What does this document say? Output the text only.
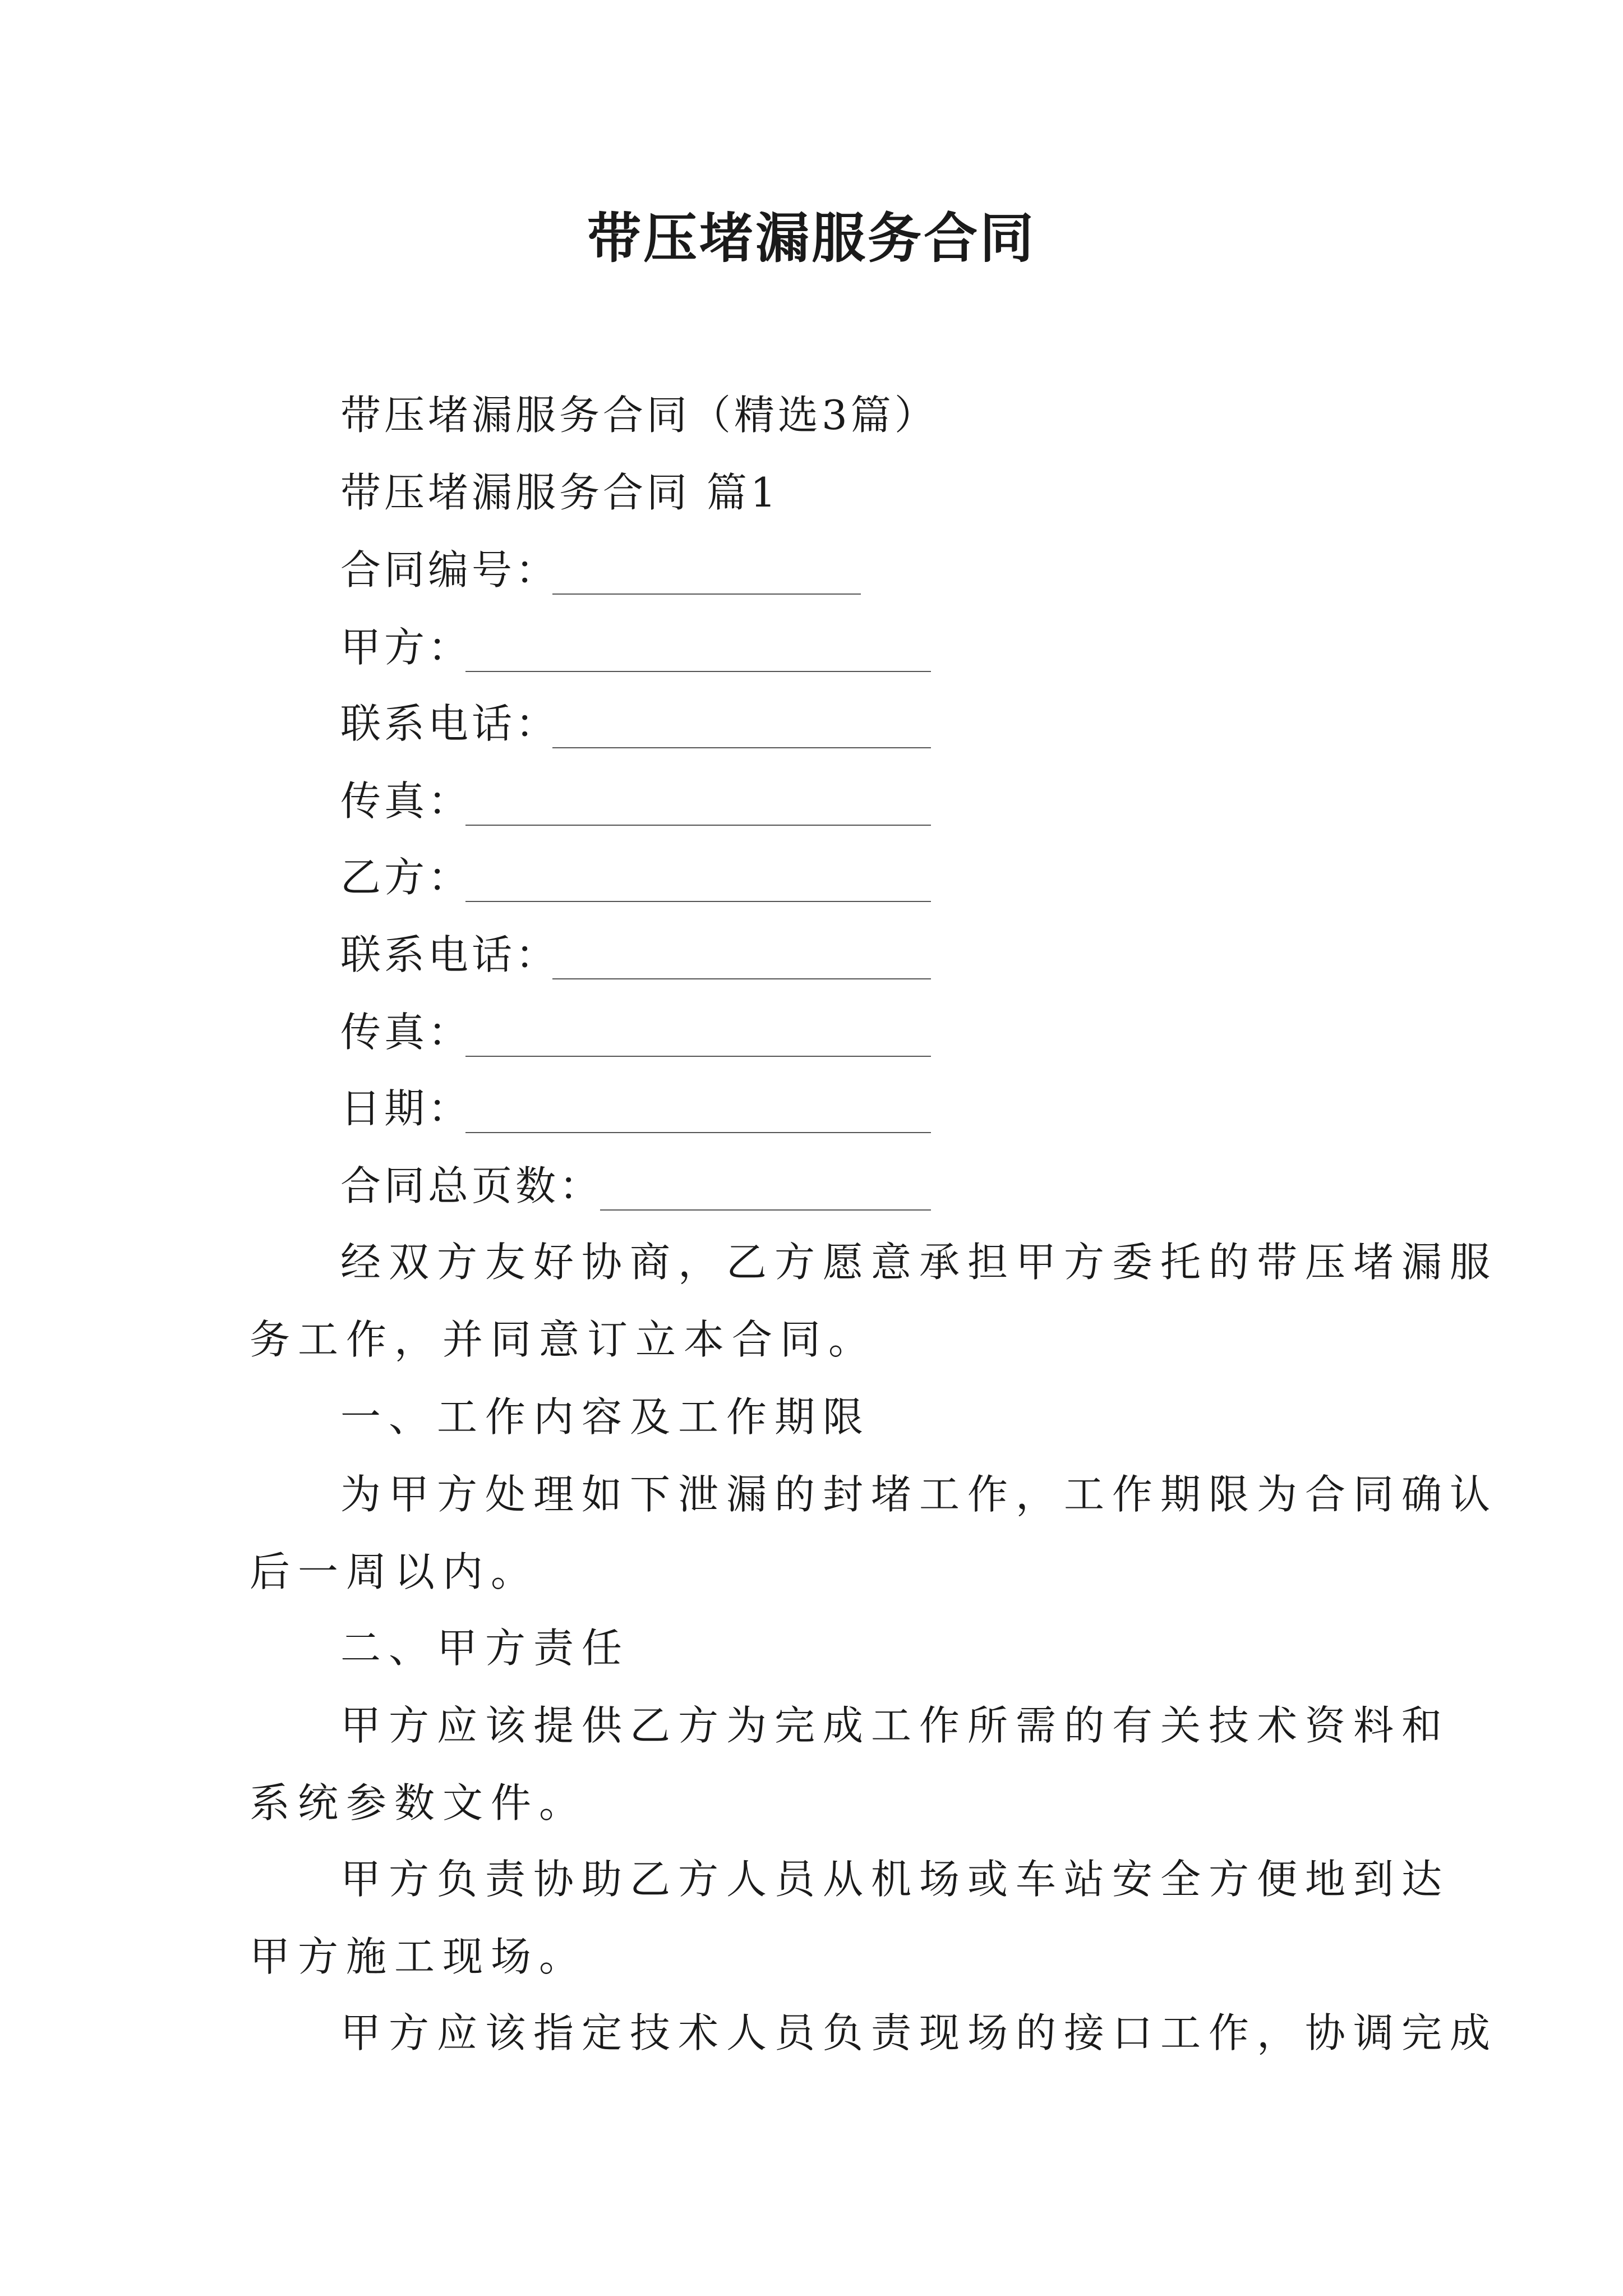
带压堵漏服务合同
带压堵漏服务合同（精选3篇）
带压堵漏服务合同 篇1
合同编号：
甲方：
联系电话：
传真：
乙方：
联系电话：
传真：
日期：
合同总页数：
经双方友好协商，乙方愿意承担甲方委托的带压堵漏服
务工作，并同意订立本合同。
一、工作内容及工作期限
为甲方处理如下泄漏的封堵工作，工作期限为合同确认
后一周以内。
二、甲方责任
甲方应该提供乙方为完成工作所需的有关技术资料和
系统参数文件。
甲方负责协助乙方人员从机场或车站安全方便地到达
甲方施工现场。
甲方应该指定技术人员负责现场的接口工作，协调完成
